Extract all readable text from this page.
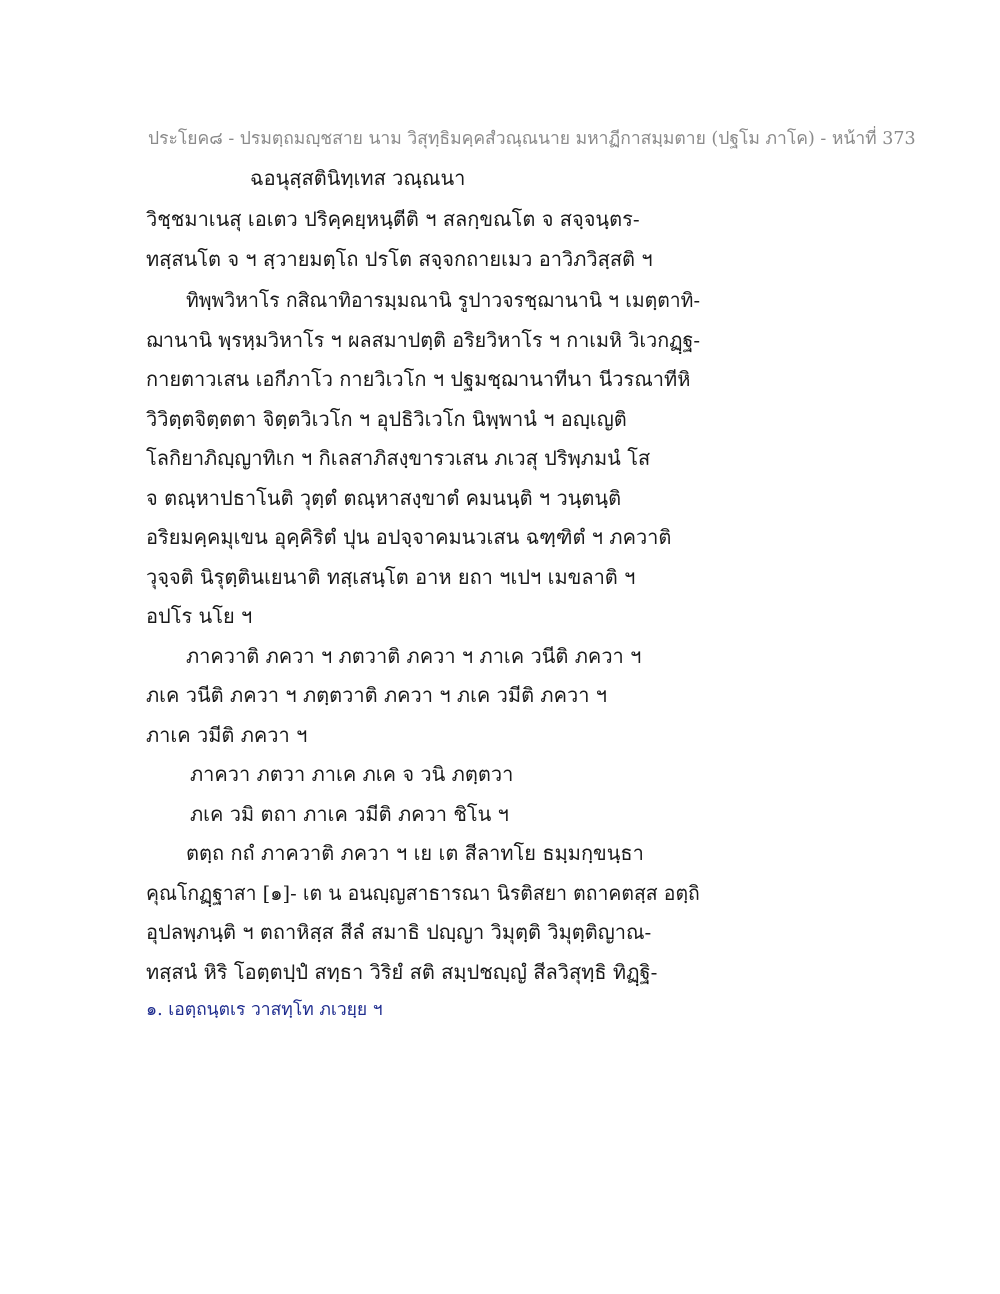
ประโยค๘ - ปรมตฺถมญฺชสาย นาม วิสุทฺธิมคฺคสํวณฺณนาย มหาฏีกาสมฺมตาย (ปฐโม ภาโค) - หน้าที่ 373
ฉอนุสฺสตินิทฺเทส วณฺณนา
วิชฺชมาเนสุ เอเตว ปริคฺคยฺหนฺตีติ ฯ สลกฺขณโต จ สจฺจนฺตร-
ทสฺสนโต จ ฯ สฺวายมตฺโถ ปรโต สจฺจกถายเมว อาวิภวิสฺสติ ฯ
ทิพฺพวิหาโร กสิณาทิอารมฺมณานิ รูปาวจรชฺฌานานิ ฯ เมตฺตาทิ-
ฌานานิ พฺรหฺมวิหาโร ฯ ผลสมาปตฺติ อริยวิหาโร ฯ กาเมหิ วิเวกฏฺฐ-
กายตาวเสน เอกีภาโว กายวิเวโก ฯ ปฐมชฺฌานาทีนา นีวรณาทีหิ
วิวิตฺตจิตฺตตา จิตฺตวิเวโก ฯ อุปธิวิเวโก นิพฺพานํ ฯ อญฺเญติ
โลกิยาภิญฺญาทิเก ฯ กิเลสาภิสงฺขารวเสน ภเวสุ ปริพฺภมนํ โส
จ ตณฺหาปธาโนติ วุตฺตํ ตณฺหาสงฺขาตํ คมนนฺติ ฯ วนฺตนฺติ
อริยมคฺคมุเขน อุคฺคิริตํ ปุน อปจฺจาคมนวเสน ฉฑฺฑิตํ ฯ ภควาติ
วุจฺจติ นิรุตฺตินเยนาติ ทสฺเสนฺโต อาห ยถา ฯเปฯ เมขลาติ ฯ
อปโร นโย ฯ
ภาควาติ ภควา ฯ ภตวาติ ภควา ฯ ภาเค วนีติ ภควา ฯ
ภเค วนีติ ภควา ฯ ภตฺตวาติ ภควา ฯ ภเค วมีติ ภควา ฯ
ภาเค วมีติ ภควา ฯ
ภาควา ภตวา ภาเค ภเค จ วนิ ภตฺตวา
ภเค วมิ ตถา ภาเค วมีติ ภควา ชิโน ฯ
ตตฺถ กถํ ภาควาติ ภควา ฯ เย เต สีลาทโย ธมฺมกฺขนฺธา
คุณโกฏฺฐาสา [๑]- เต น อนญฺญสาธารณา นิรติสยา ตถาคตสฺส อตฺถิ
อุปลพฺภนฺติ ฯ ตถาหิสฺส สีลํ สมาธิ ปญฺญา วิมุตฺติ วิมุตฺติญาณ-
ทสฺสนํ หิริ โอตฺตปฺปํ สทฺธา วิริยํ สติ สมฺปชญฺญํ สีลวิสุทฺธิ ทิฏฺฐิ-
๑. เอตฺถนฺตเร วาสทฺโท ภเวยฺย ฯ
